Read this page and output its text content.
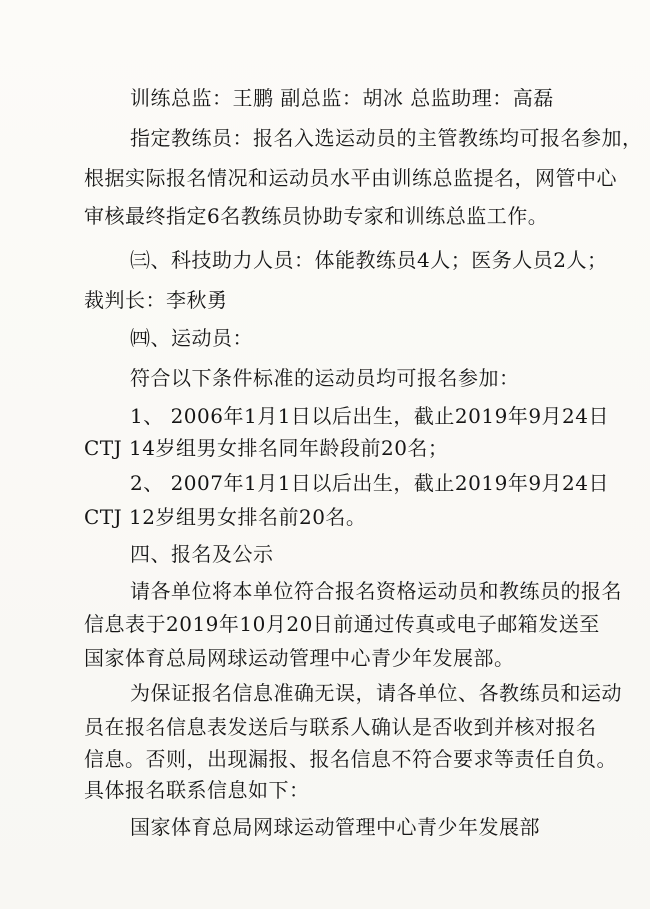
训练总监：王鹏 副总监：胡冰 总监助理：高磊
指定教练员：报名入选运动员的主管教练均可报名参加，
根据实际报名情况和运动员水平由训练总监提名，网管中心
审核最终指定6名教练员协助专家和训练总监工作。
㈢、科技助力人员：体能教练员4人；医务人员2人；
裁判长：李秋勇
㈣、运动员：
符合以下条件标准的运动员均可报名参加：
1、 2006年1月1日以后出生，截止2019年9月24日
CTJ 14岁组男女排名同年龄段前20名；
2、 2007年1月1日以后出生，截止2019年9月24日
CTJ 12岁组男女排名前20名。
四、报名及公示
请各单位将本单位符合报名资格运动员和教练员的报名
信息表于2019年10月20日前通过传真或电子邮箱发送至
国家体育总局网球运动管理中心青少年发展部。
为保证报名信息准确无误，请各单位、各教练员和运动
员在报名信息表发送后与联系人确认是否收到并核对报名
信息。否则，出现漏报、报名信息不符合要求等责任自负。
具体报名联系信息如下：
国家体育总局网球运动管理中心青少年发展部
